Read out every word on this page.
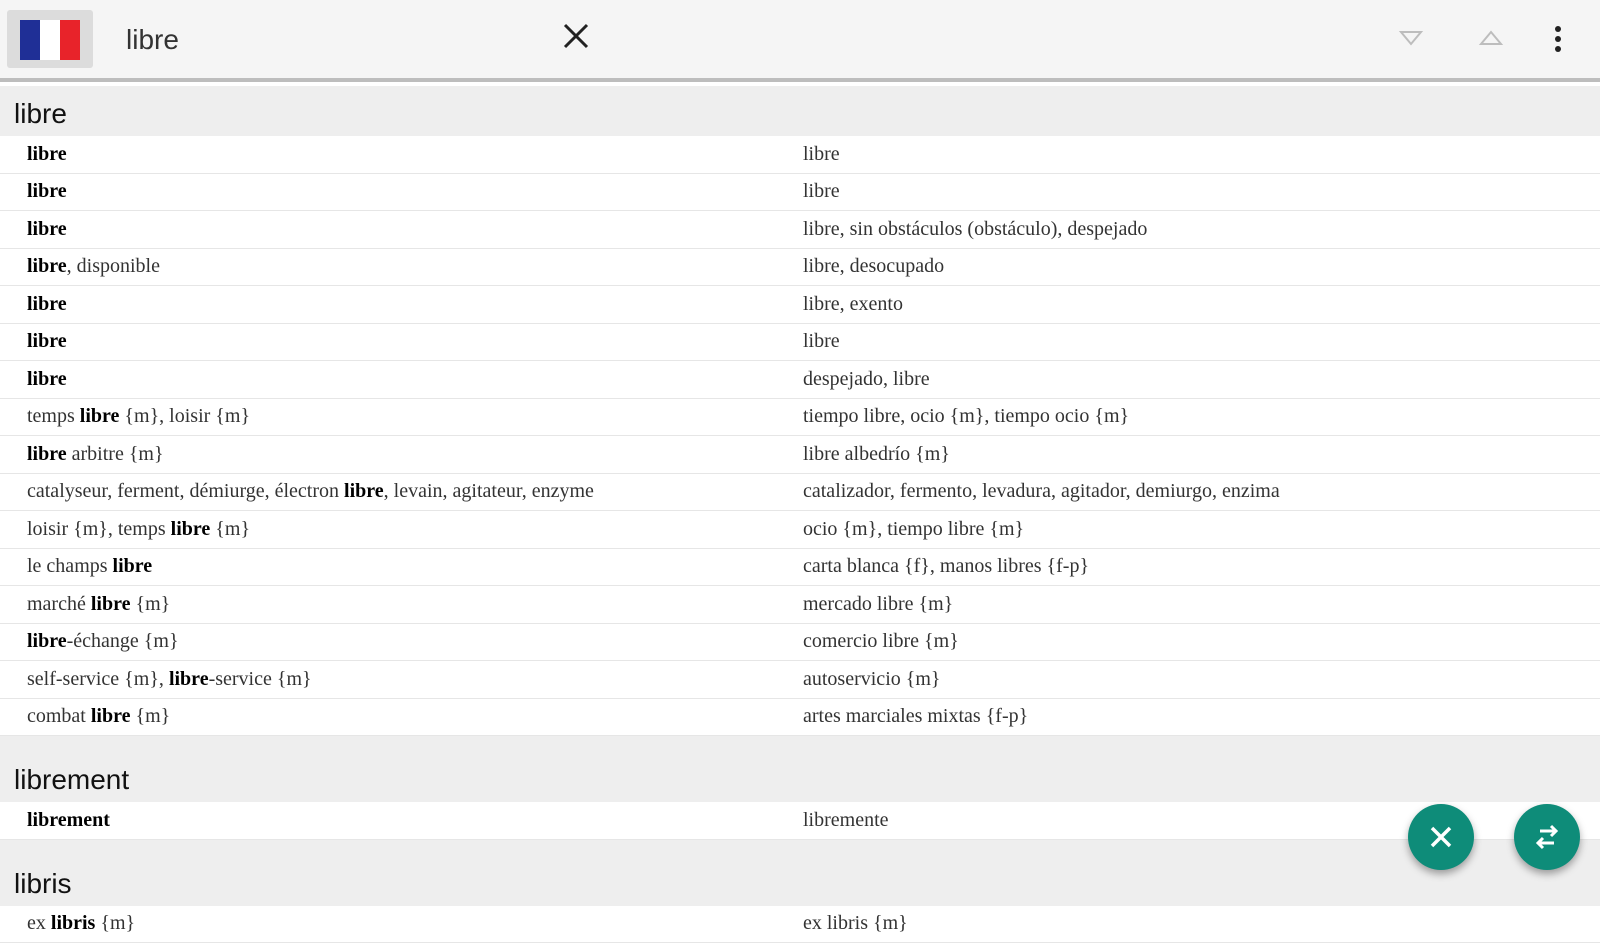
libre
libre
libre	libre
libre	libre
libre	libre, sin obstáculos (obstáculo), despejado
libre, disponible	libre, desocupado
libre	libre, exento
libre	libre
libre	despejado, libre
temps libre {m}, loisir {m}	tiempo libre, ocio {m}, tiempo ocio {m}
libre arbitre {m}	libre albedrío {m}
catalyseur, ferment, démiurge, électron libre, levain, agitateur, enzyme	catalizador, fermento, levadura, agitador, demiurgo, enzima
loisir {m}, temps libre {m}	ocio {m}, tiempo libre {m}
le champs libre	carta blanca {f}, manos libres {f-p}
marché libre {m}	mercado libre {m}
libre-échange {m}	comercio libre {m}
self-service {m}, libre-service {m}	autoservicio {m}
combat libre {m}	artes marciales mixtas {f-p}
librement
librement	libremente
libris
ex libris {m}	ex libris {m}
